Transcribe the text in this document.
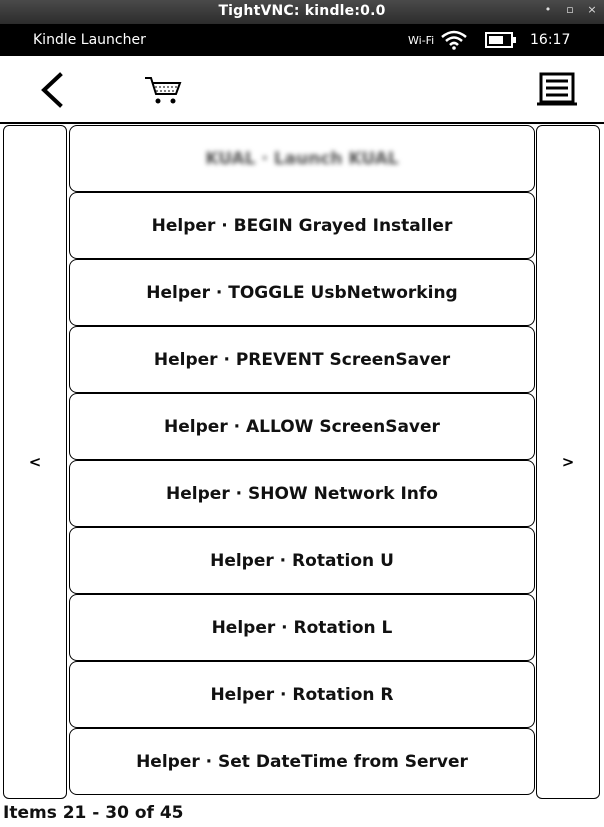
TightVNC: kindle:0.0	• ▫ ×
Kindle Launcher	Wi-Fi	16:17
<	>
KUAL · Launch KUAL
Helper · BEGIN Grayed Installer
Helper · TOGGLE UsbNetworking
Helper · PREVENT ScreenSaver
Helper · ALLOW ScreenSaver
Helper · SHOW Network Info
Helper · Rotation U
Helper · Rotation L
Helper · Rotation R
Helper · Set DateTime from Server
Items 21 - 30 of 45
